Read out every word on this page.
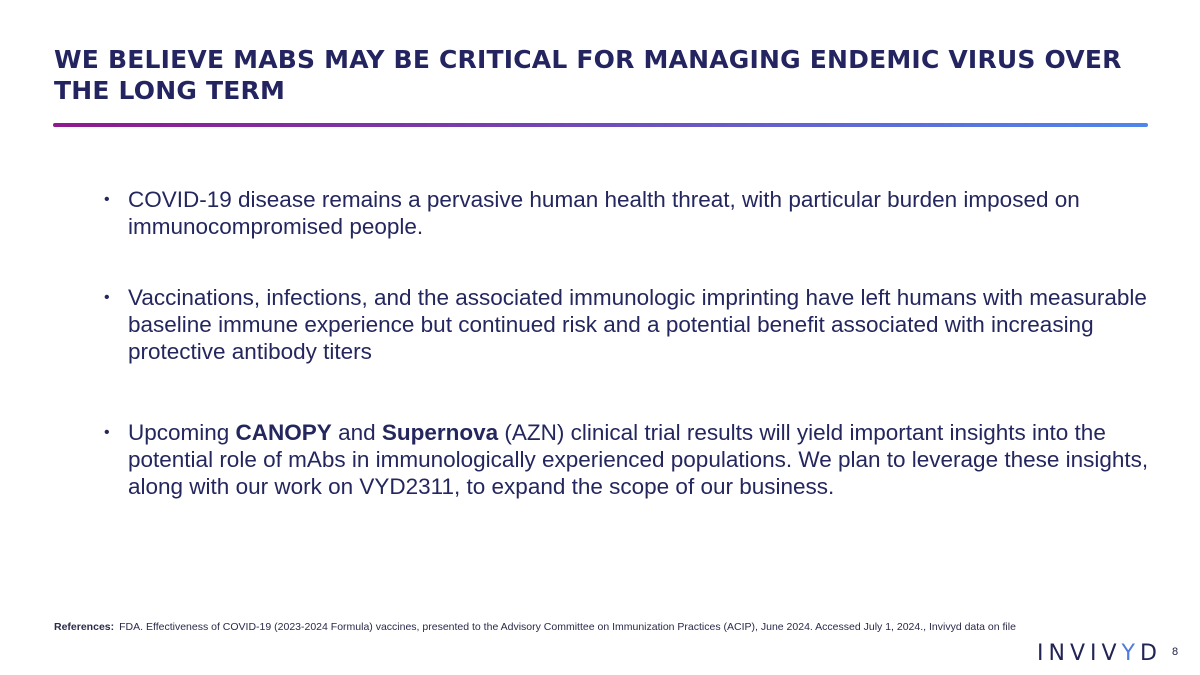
WE BELIEVE MABS MAY BE CRITICAL FOR MANAGING ENDEMIC VIRUS OVER THE LONG TERM
• COVID-19 disease remains a pervasive human health threat, with particular burden imposed on immunocompromised people.
• Vaccinations, infections, and the associated immunologic imprinting have left humans with measurable baseline immune experience but continued risk and a potential benefit associated with increasing protective antibody titers
• Upcoming CANOPY and Supernova (AZN) clinical trial results will yield important insights into the potential role of mAbs in immunologically experienced populations. We plan to leverage these insights, along with our work on VYD2311, to expand the scope of our business.
References: FDA. Effectiveness of COVID-19 (2023-2024 Formula) vaccines, presented to the Advisory Committee on Immunization Practices (ACIP), June 2024. Accessed July 1, 2024., Invivyd data on file
INVIVYD 8
